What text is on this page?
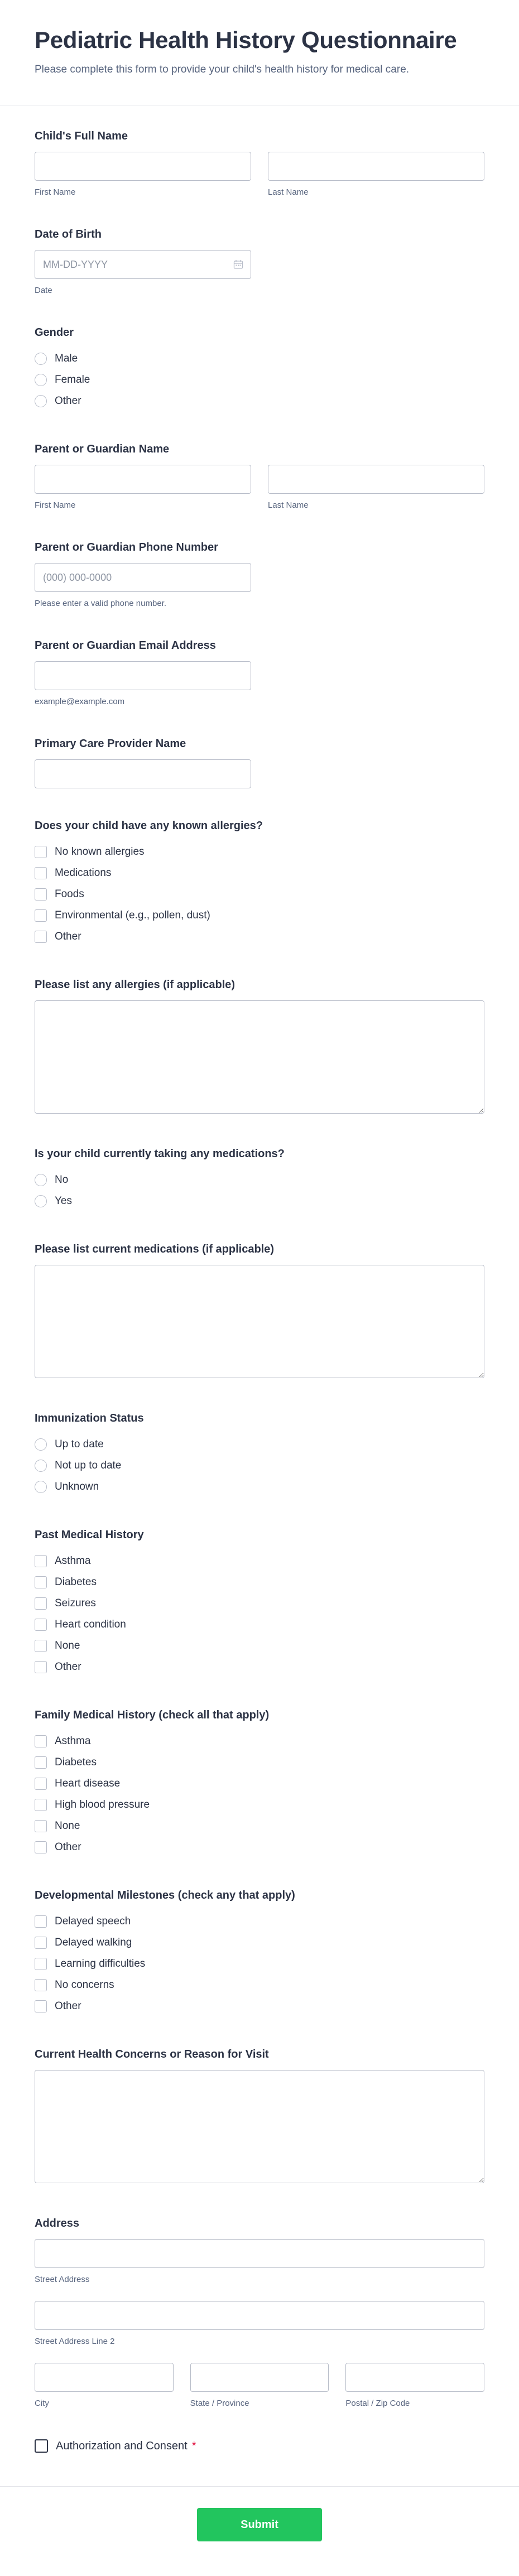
Pediatric Health History Questionnaire

Please complete this form to provide your child's health history for medical care.

Child's Full Name
First Name	Last Name
Date of Birth
MM-DD-YYYY
Date
Gender
Male
Female
Other
Parent or Guardian Name
First Name	Last Name
Parent or Guardian Phone Number
(000) 000-0000
Please enter a valid phone number.
Parent or Guardian Email Address
example@example.com
Primary Care Provider Name
Does your child have any known allergies?
No known allergies
Medications
Foods
Environmental (e.g., pollen, dust)
Other
Please list any allergies (if applicable)
Is your child currently taking any medications?
No
Yes
Please list current medications (if applicable)
Immunization Status
Up to date
Not up to date
Unknown
Past Medical History
Asthma
Diabetes
Seizures
Heart condition
None
Other
Family Medical History (check all that apply)
Asthma
Diabetes
Heart disease
High blood pressure
None
Other
Developmental Milestones (check any that apply)
Delayed speech
Delayed walking
Learning difficulties
No concerns
Other
Current Health Concerns or Reason for Visit
Address
Street Address
Street Address Line 2
City	State / Province	Postal / Zip Code
Authorization and Consent *
Submit
